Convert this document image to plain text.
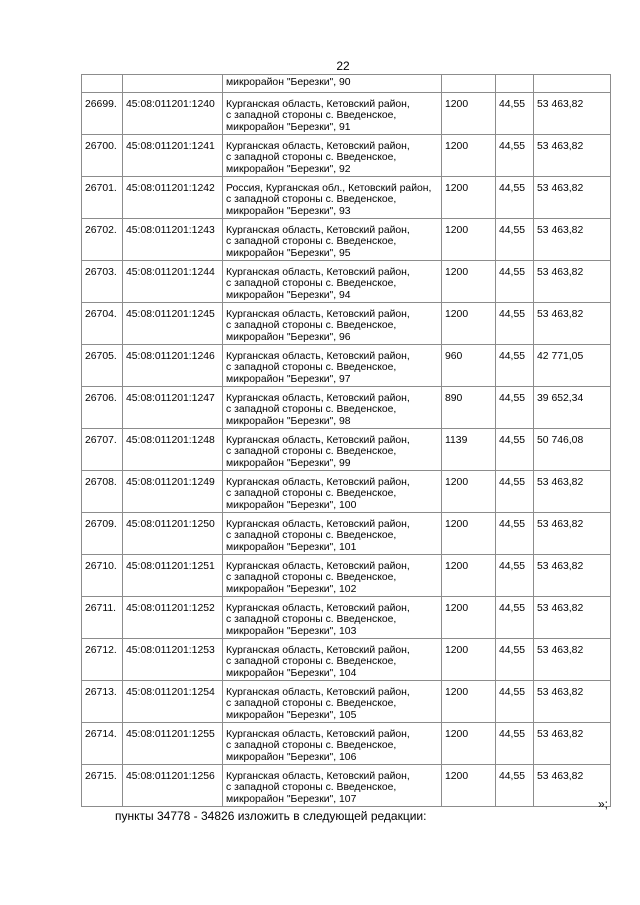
22

		микрорайон "Березки", 90			

26699.	45:08:011201:1240	Курганская область, Кетовский район,
с западной стороны с. Введенское,
микрорайон "Березки", 91	1200	44,55	53 463,82
26700.	45:08:011201:1241	Курганская область, Кетовский район,
с западной стороны с. Введенское,
микрорайон "Березки", 92	1200	44,55	53 463,82
26701.	45:08:011201:1242	Россия, Курганская обл., Кетовский район,
с западной стороны с. Введенское,
микрорайон "Березки", 93	1200	44,55	53 463,82
26702.	45:08:011201:1243	Курганская область, Кетовский район,
с западной стороны с. Введенское,
микрорайон "Березки", 95	1200	44,55	53 463,82
26703.	45:08:011201:1244	Курганская область, Кетовский район,
с западной стороны с. Введенское,
микрорайон "Березки", 94	1200	44,55	53 463,82
26704.	45:08:011201:1245	Курганская область, Кетовский район,
с западной стороны с. Введенское,
микрорайон "Березки", 96	1200	44,55	53 463,82
26705.	45:08:011201:1246	Курганская область, Кетовский район,
с западной стороны с. Введенское,
микрорайон "Березки", 97	960	44,55	42 771,05
26706.	45:08:011201:1247	Курганская область, Кетовский район,
с западной стороны с. Введенское,
микрорайон "Березки", 98	890	44,55	39 652,34
26707.	45:08:011201:1248	Курганская область, Кетовский район,
с западной стороны с. Введенское,
микрорайон "Березки", 99	1139	44,55	50 746,08
26708.	45:08:011201:1249	Курганская область, Кетовский район,
с западной стороны с. Введенское,
микрорайон "Березки", 100	1200	44,55	53 463,82
26709.	45:08:011201:1250	Курганская область, Кетовский район,
с западной стороны с. Введенское,
микрорайон "Березки", 101	1200	44,55	53 463,82
26710.	45:08:011201:1251	Курганская область, Кетовский район,
с западной стороны с. Введенское,
микрорайон "Березки", 102	1200	44,55	53 463,82
26711.	45:08:011201:1252	Курганская область, Кетовский район,
с западной стороны с. Введенское,
микрорайон "Березки", 103	1200	44,55	53 463,82
26712.	45:08:011201:1253	Курганская область, Кетовский район,
с западной стороны с. Введенское,
микрорайон "Березки", 104	1200	44,55	53 463,82
26713.	45:08:011201:1254	Курганская область, Кетовский район,
с западной стороны с. Введенское,
микрорайон "Березки", 105	1200	44,55	53 463,82
26714.	45:08:011201:1255	Курганская область, Кетовский район,
с западной стороны с. Введенское,
микрорайон "Березки", 106	1200	44,55	53 463,82
26715.	45:08:011201:1256	Курганская область, Кетовский район,
с западной стороны с. Введенское,
микрорайон "Березки", 107	1200	44,55	53 463,82
»;
пункты 34778 - 34826 изложить в следующей редакции:
